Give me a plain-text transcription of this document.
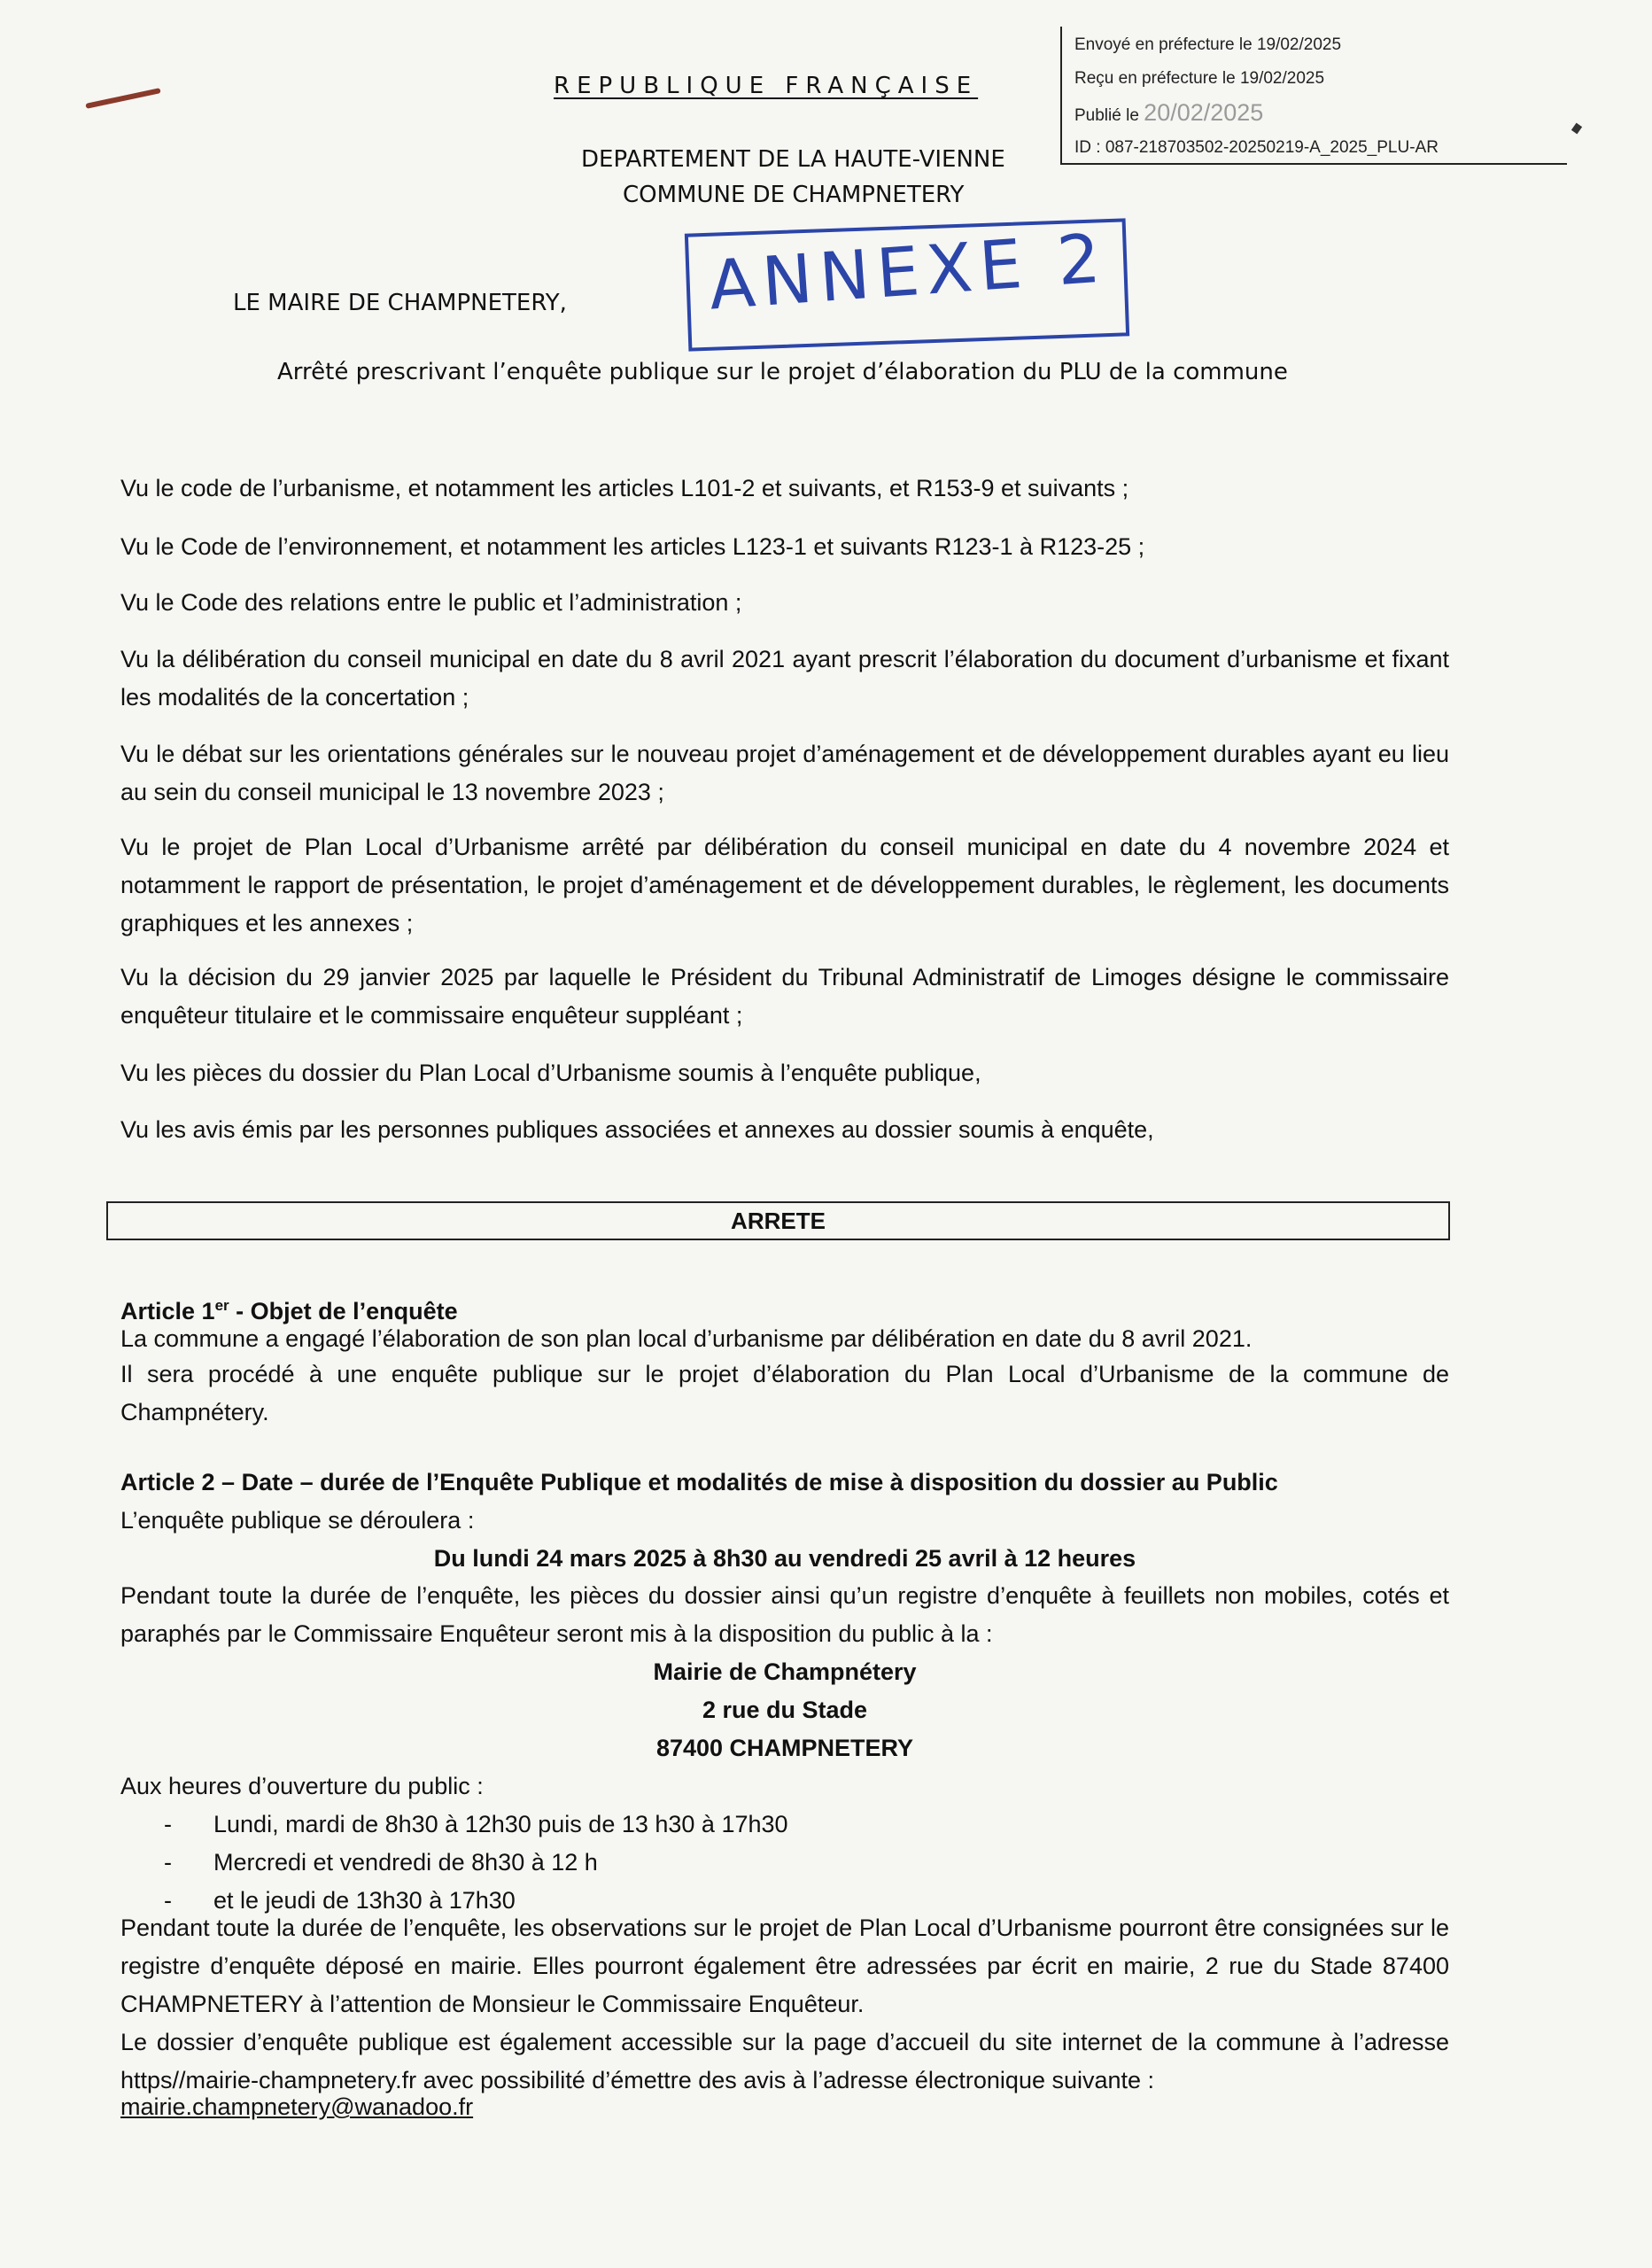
Envoyé en préfecture le 19/02/2025
Reçu en préfecture le 19/02/2025
Publié le 20/02/2025
ID : 087-218703502-20250219-A_2025_PLU-AR
REPUBLIQUE FRANÇAISE
DEPARTEMENT DE LA HAUTE-VIENNE
COMMUNE DE CHAMPNETERY
LE MAIRE DE CHAMPNETERY, ANNEXE 2
Arrêté prescrivant l’enquête publique sur le projet d’élaboration du PLU de la commune
Vu le code de l’urbanisme, et notamment les articles L101-2 et suivants, et R153-9 et suivants ;
Vu le Code de l’environnement, et notamment les articles L123-1 et suivants R123-1 à R123-25 ;
Vu le Code des relations entre le public et l’administration ;
Vu la délibération du conseil municipal en date du 8 avril 2021 ayant prescrit l’élaboration du document d’urbanisme et fixant les modalités de la concertation ;
Vu le débat sur les orientations générales sur le nouveau projet d’aménagement et de développement durables ayant eu lieu au sein du conseil municipal le 13 novembre 2023 ;
Vu le projet de Plan Local d’Urbanisme arrêté par délibération du conseil municipal en date du 4 novembre 2024 et notamment le rapport de présentation, le projet d’aménagement et de développement durables, le règlement, les documents graphiques et les annexes ;
Vu la décision du 29 janvier 2025 par laquelle le Président du Tribunal Administratif de Limoges désigne le commissaire enquêteur titulaire et le commissaire enquêteur suppléant ;
Vu les pièces du dossier du Plan Local d’Urbanisme soumis à l’enquête publique,
Vu les avis émis par les personnes publiques associées et annexes au dossier soumis à enquête,
ARRETE
Article 1er - Objet de l’enquête
La commune a engagé l’élaboration de son plan local d’urbanisme par délibération en date du 8 avril 2021.
Il sera procédé à une enquête publique sur le projet d’élaboration du Plan Local d’Urbanisme de la commune de Champnétery.
Article 2 – Date – durée de l’Enquête Publique et modalités de mise à disposition du dossier au Public
L’enquête publique se déroulera :
Du lundi 24 mars 2025 à 8h30 au vendredi 25 avril à 12 heures
Pendant toute la durée de l’enquête, les pièces du dossier ainsi qu’un registre d’enquête à feuillets non mobiles, cotés et paraphés par le Commissaire Enquêteur seront mis à la disposition du public à la :
Mairie de Champnétery
2 rue du Stade
87400 CHAMPNETERY
Aux heures d’ouverture du public :
- Lundi, mardi de 8h30 à 12h30 puis de 13 h30 à 17h30
- Mercredi et vendredi de 8h30 à 12 h
- et le jeudi de 13h30 à 17h30
Pendant toute la durée de l’enquête, les observations sur le projet de Plan Local d’Urbanisme pourront être consignées sur le registre d’enquête déposé en mairie. Elles pourront également être adressées par écrit en mairie, 2 rue du Stade 87400 CHAMPNETERY à l’attention de Monsieur le Commissaire Enquêteur.
Le dossier d’enquête publique est également accessible sur la page d’accueil du site internet de la commune à l’adresse https//mairie-champnetery.fr avec possibilité d’émettre des avis à l’adresse électronique suivante :
mairie.champnetery@wanadoo.fr
